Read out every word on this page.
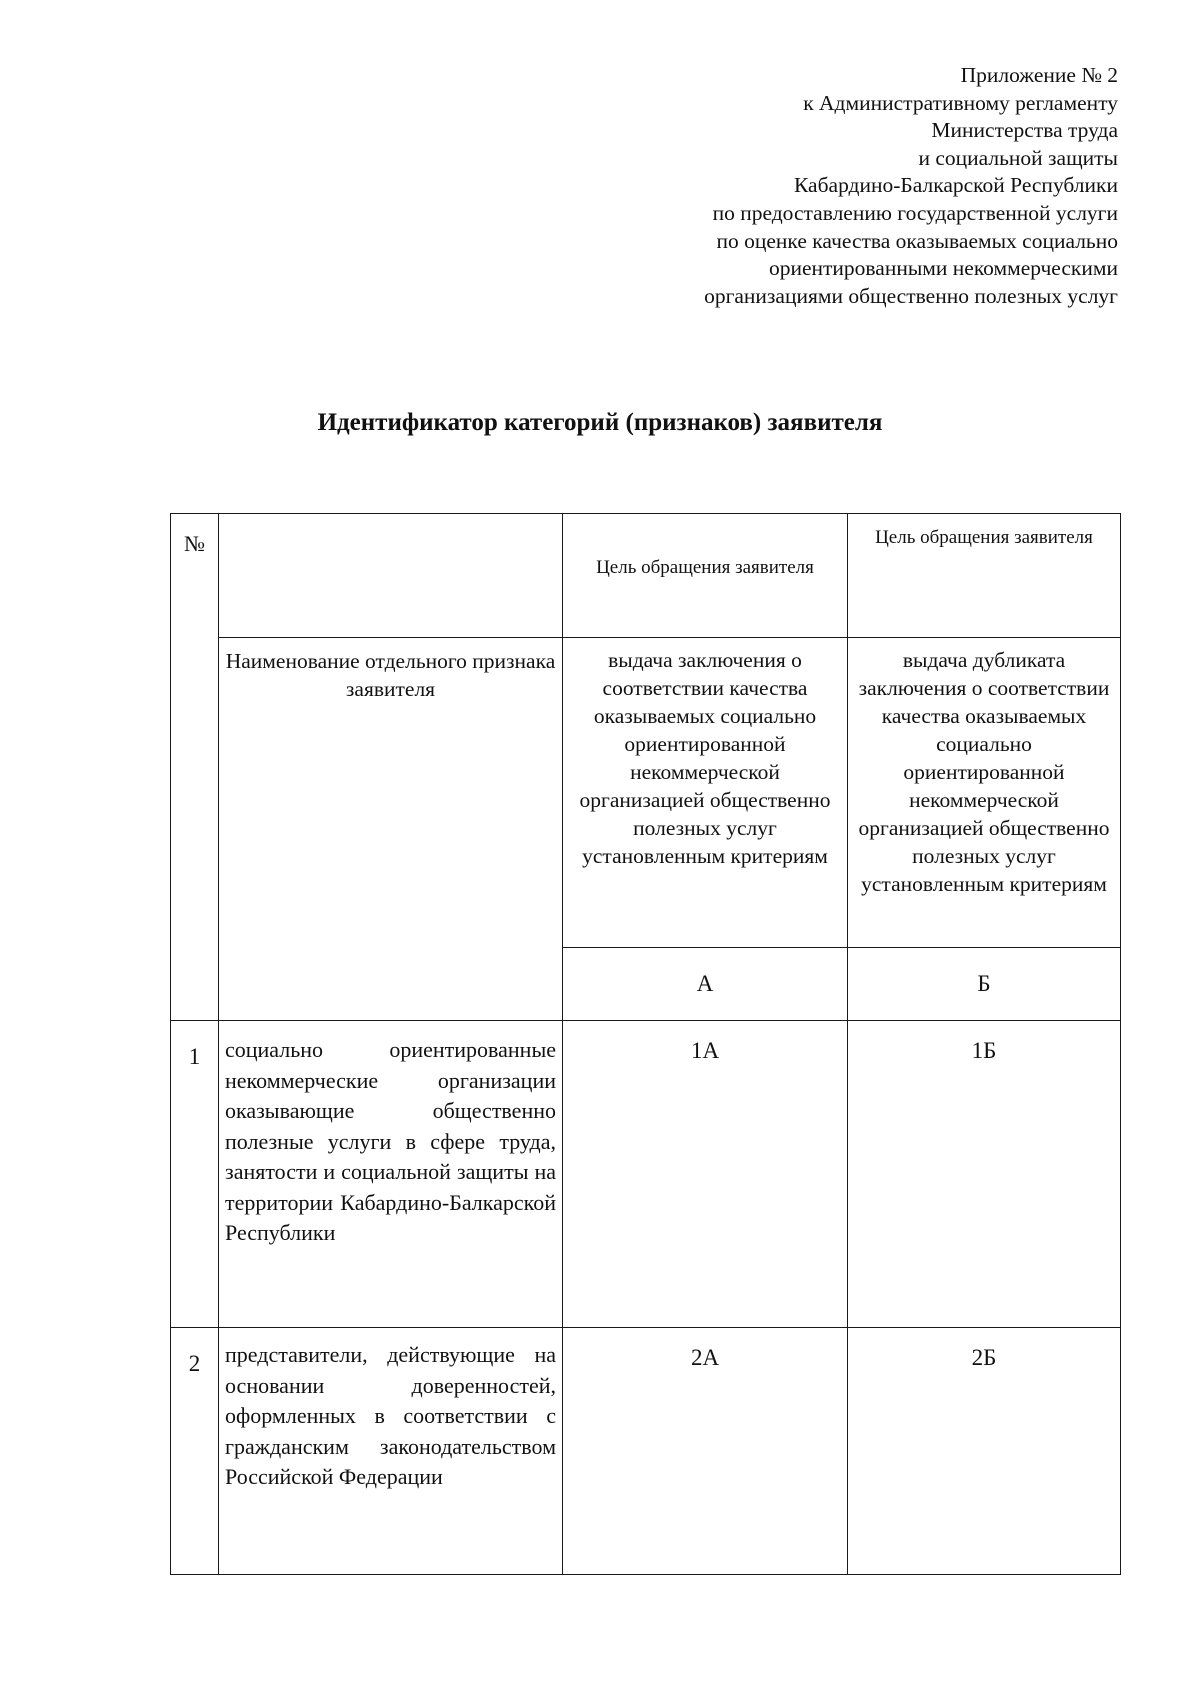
Приложение № 2
к Административному регламенту
Министерства труда
и социальной защиты
Кабардино-Балкарской Республики
по предоставлению государственной услуги
по оценке качества оказываемых социально
ориентированными некоммерческими
организациями общественно полезных услуг
Идентификатор категорий (признаков) заявителя
№		Цель обращения заявителя	Цель обращения заявителя
	Наименование отдельного признака заявителя	выдача заключения о соответствии качества оказываемых социально ориентированной некоммерческой организацией общественно полезных услуг установленным критериям	выдача дубликата заключения о соответствии качества оказываемых социально ориентированной некоммерческой организацией общественно полезных услуг установленным критериям
		А	Б
1	социально ориентированные некоммерческие организации оказывающие общественно полезные услуги в сфере труда, занятости и социальной защиты на территории Кабардино-Балкарской Республики	1А	1Б
2	представители, действующие на основании доверенностей, оформленных в соответствии с гражданским законодательством Российской Федерации	2А	2Б
